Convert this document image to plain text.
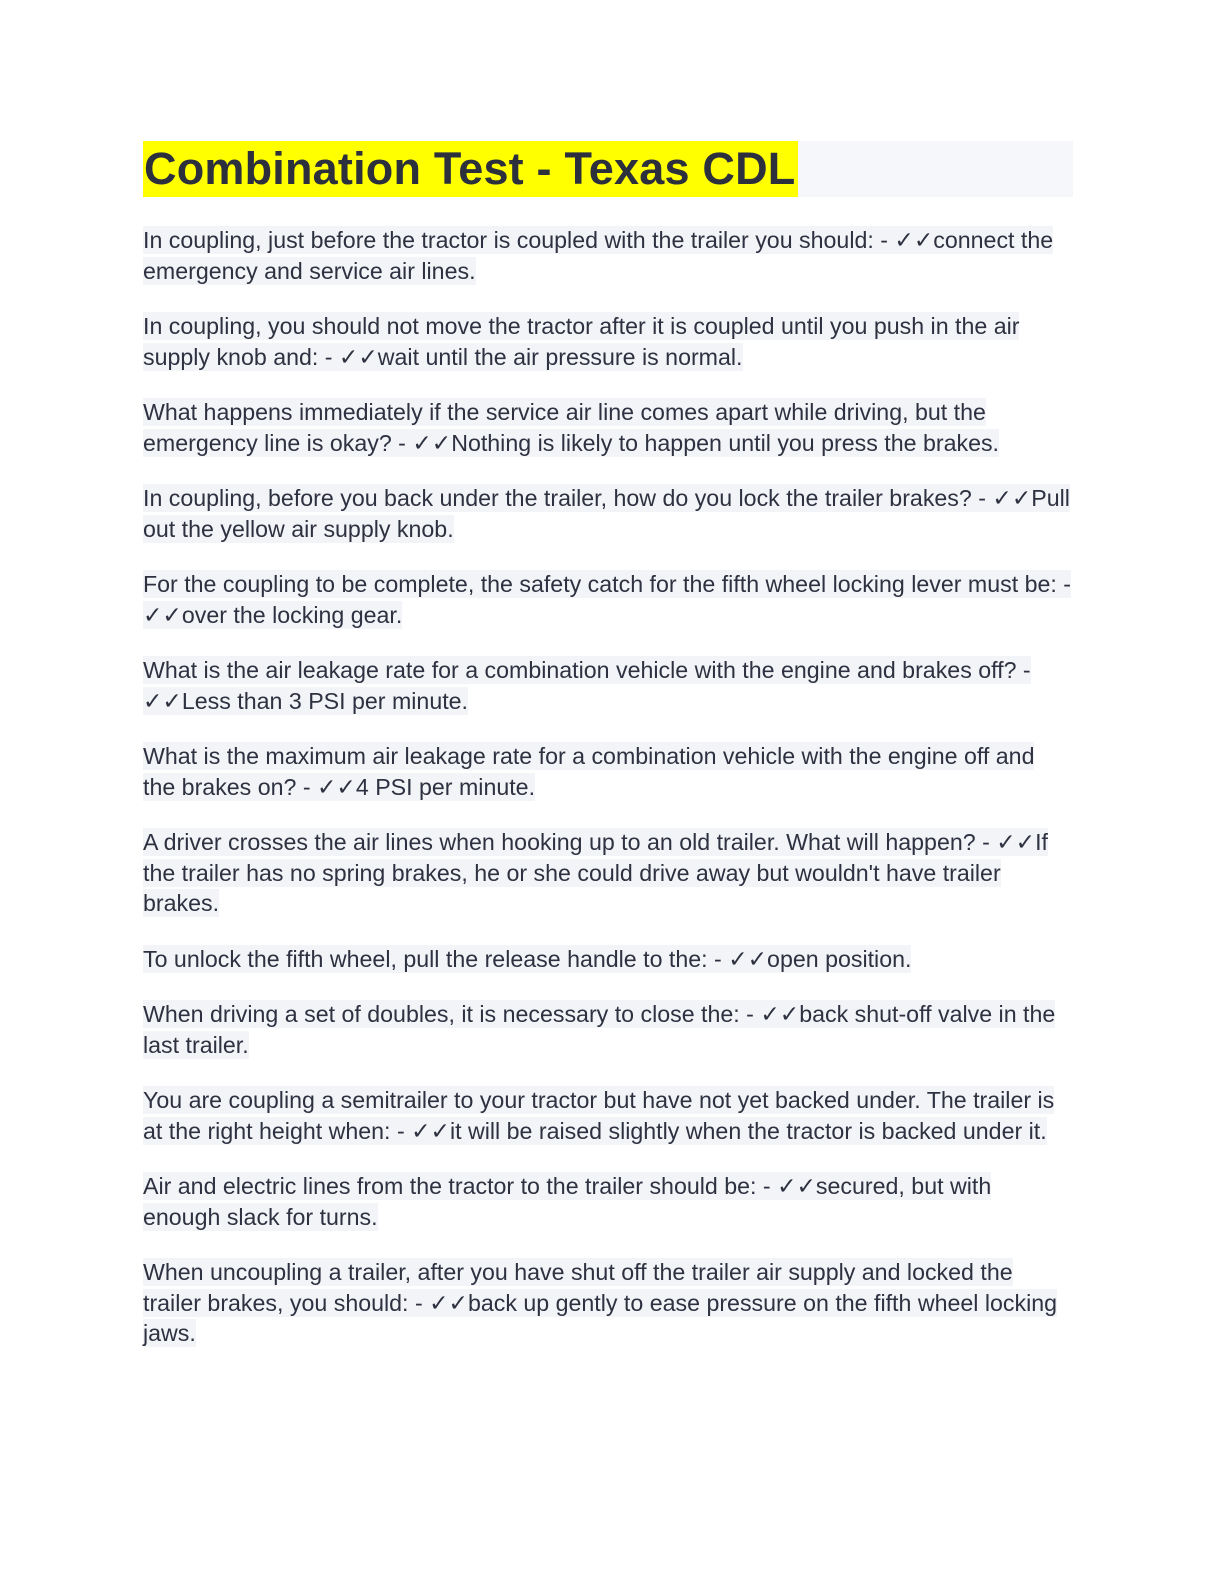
Combination Test - Texas CDL

In coupling, just before the tractor is coupled with the trailer you should: - ✓✓connect the emergency and service air lines.

In coupling, you should not move the tractor after it is coupled until you push in the air supply knob and: - ✓✓wait until the air pressure is normal.

What happens immediately if the service air line comes apart while driving, but the emergency line is okay? - ✓✓Nothing is likely to happen until you press the brakes.

In coupling, before you back under the trailer, how do you lock the trailer brakes? - ✓✓Pull out the yellow air supply knob.

For the coupling to be complete, the safety catch for the fifth wheel locking lever must be: - ✓✓over the locking gear.

What is the air leakage rate for a combination vehicle with the engine and brakes off? - ✓✓Less than 3 PSI per minute.

What is the maximum air leakage rate for a combination vehicle with the engine off and the brakes on? - ✓✓4 PSI per minute.

A driver crosses the air lines when hooking up to an old trailer. What will happen? - ✓✓If the trailer has no spring brakes, he or she could drive away but wouldn't have trailer brakes.

To unlock the fifth wheel, pull the release handle to the: - ✓✓open position.

When driving a set of doubles, it is necessary to close the: - ✓✓back shut-off valve in the last trailer.

You are coupling a semitrailer to your tractor but have not yet backed under. The trailer is at the right height when: - ✓✓it will be raised slightly when the tractor is backed under it.

Air and electric lines from the tractor to the trailer should be: - ✓✓secured, but with enough slack for turns.

When uncoupling a trailer, after you have shut off the trailer air supply and locked the trailer brakes, you should: - ✓✓back up gently to ease pressure on the fifth wheel locking jaws.
